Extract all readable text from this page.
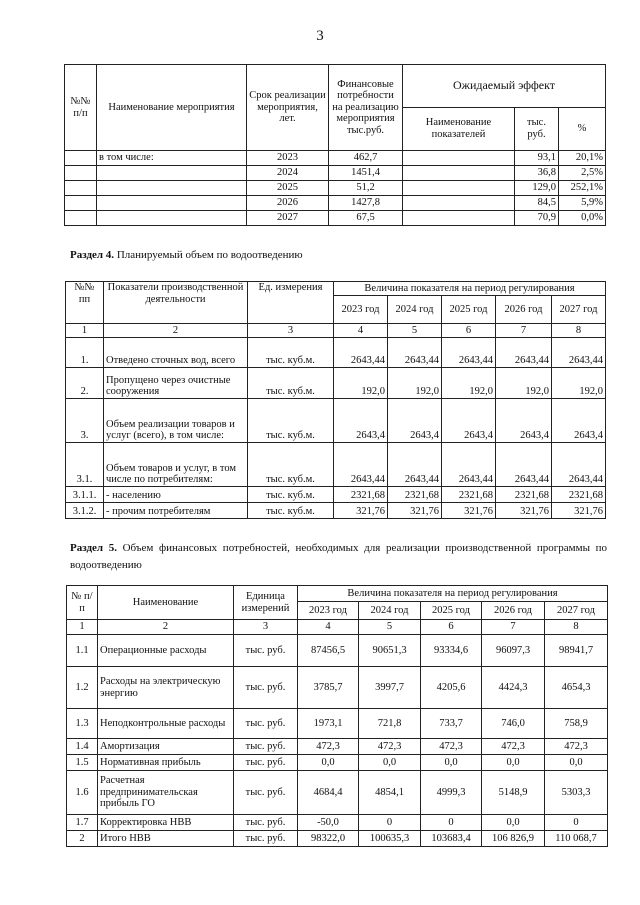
3
№№ п/п	Наименование мероприятия	Срок реализации мероприятия, лет.	Финансовые потребности на реализацию мероприятия тыс.руб.	Ожидаемый эффект		
				Наименование показателей	тыс. руб.	%
	в том числе:	2023	462,7		93,1	20,1%
		2024	1451,4		36,8	2,5%
		2025	51,2		129,0	252,1%
		2026	1427,8		84,5	5,9%
		2027	67,5		70,9	0,0%
Раздел 4. Планируемый объем по водоотведению
№№ пп	Показатели производственной деятельности	Ед. измерения	Величина показателя на период регулирования				
			2023 год	2024 год	2025 год	2026 год	2027 год
1	2	3	4	5	6	7	8
1.	Отведено сточных вод, всего	тыс. куб.м.	2643,44	2643,44	2643,44	2643,44	2643,44
2.	Пропущено через очистные сооружения	тыс. куб.м.	192,0	192,0	192,0	192,0	192,0
3.	Объем реализации товаров и услуг (всего), в том числе:	тыс. куб.м.	2643,4	2643,4	2643,4	2643,4	2643,4
3.1.	Объем товаров и услуг, в том числе по потребителям:	тыс. куб.м.	2643,44	2643,44	2643,44	2643,44	2643,44
3.1.1.	- населению	тыс. куб.м.	2321,68	2321,68	2321,68	2321,68	2321,68
3.1.2.	- прочим потребителям	тыс. куб.м.	321,76	321,76	321,76	321,76	321,76
Раздел 5. Объем финансовых потребностей, необходимых для реализации производственной программы по водоотведению
№ п/п	Наименование	Единица измерений	Величина показателя на период регулирования				
			2023 год	2024 год	2025 год	2026 год	2027 год
1	2	3	4	5	6	7	8
1.1	Операционные расходы	тыс. руб.	87456,5	90651,3	93334,6	96097,3	98941,7
1.2	Расходы на электрическую энергию	тыс. руб.	3785,7	3997,7	4205,6	4424,3	4654,3
1.3	Неподконтрольные расходы	тыс. руб.	1973,1	721,8	733,7	746,0	758,9
1.4	Амортизация	тыс. руб.	472,3	472,3	472,3	472,3	472,3
1.5	Нормативная прибыль	тыс. руб.	0,0	0,0	0,0	0,0	0,0
1.6	Расчетная предпринимательская прибыль ГО	тыс. руб.	4684,4	4854,1	4999,3	5148,9	5303,3
1.7	Корректировка НВВ	тыс. руб.	-50,0	0	0	0,0	0
2	Итого НВВ	тыс. руб.	98322,0	100635,3	103683,4	106 826,9	110 068,7
